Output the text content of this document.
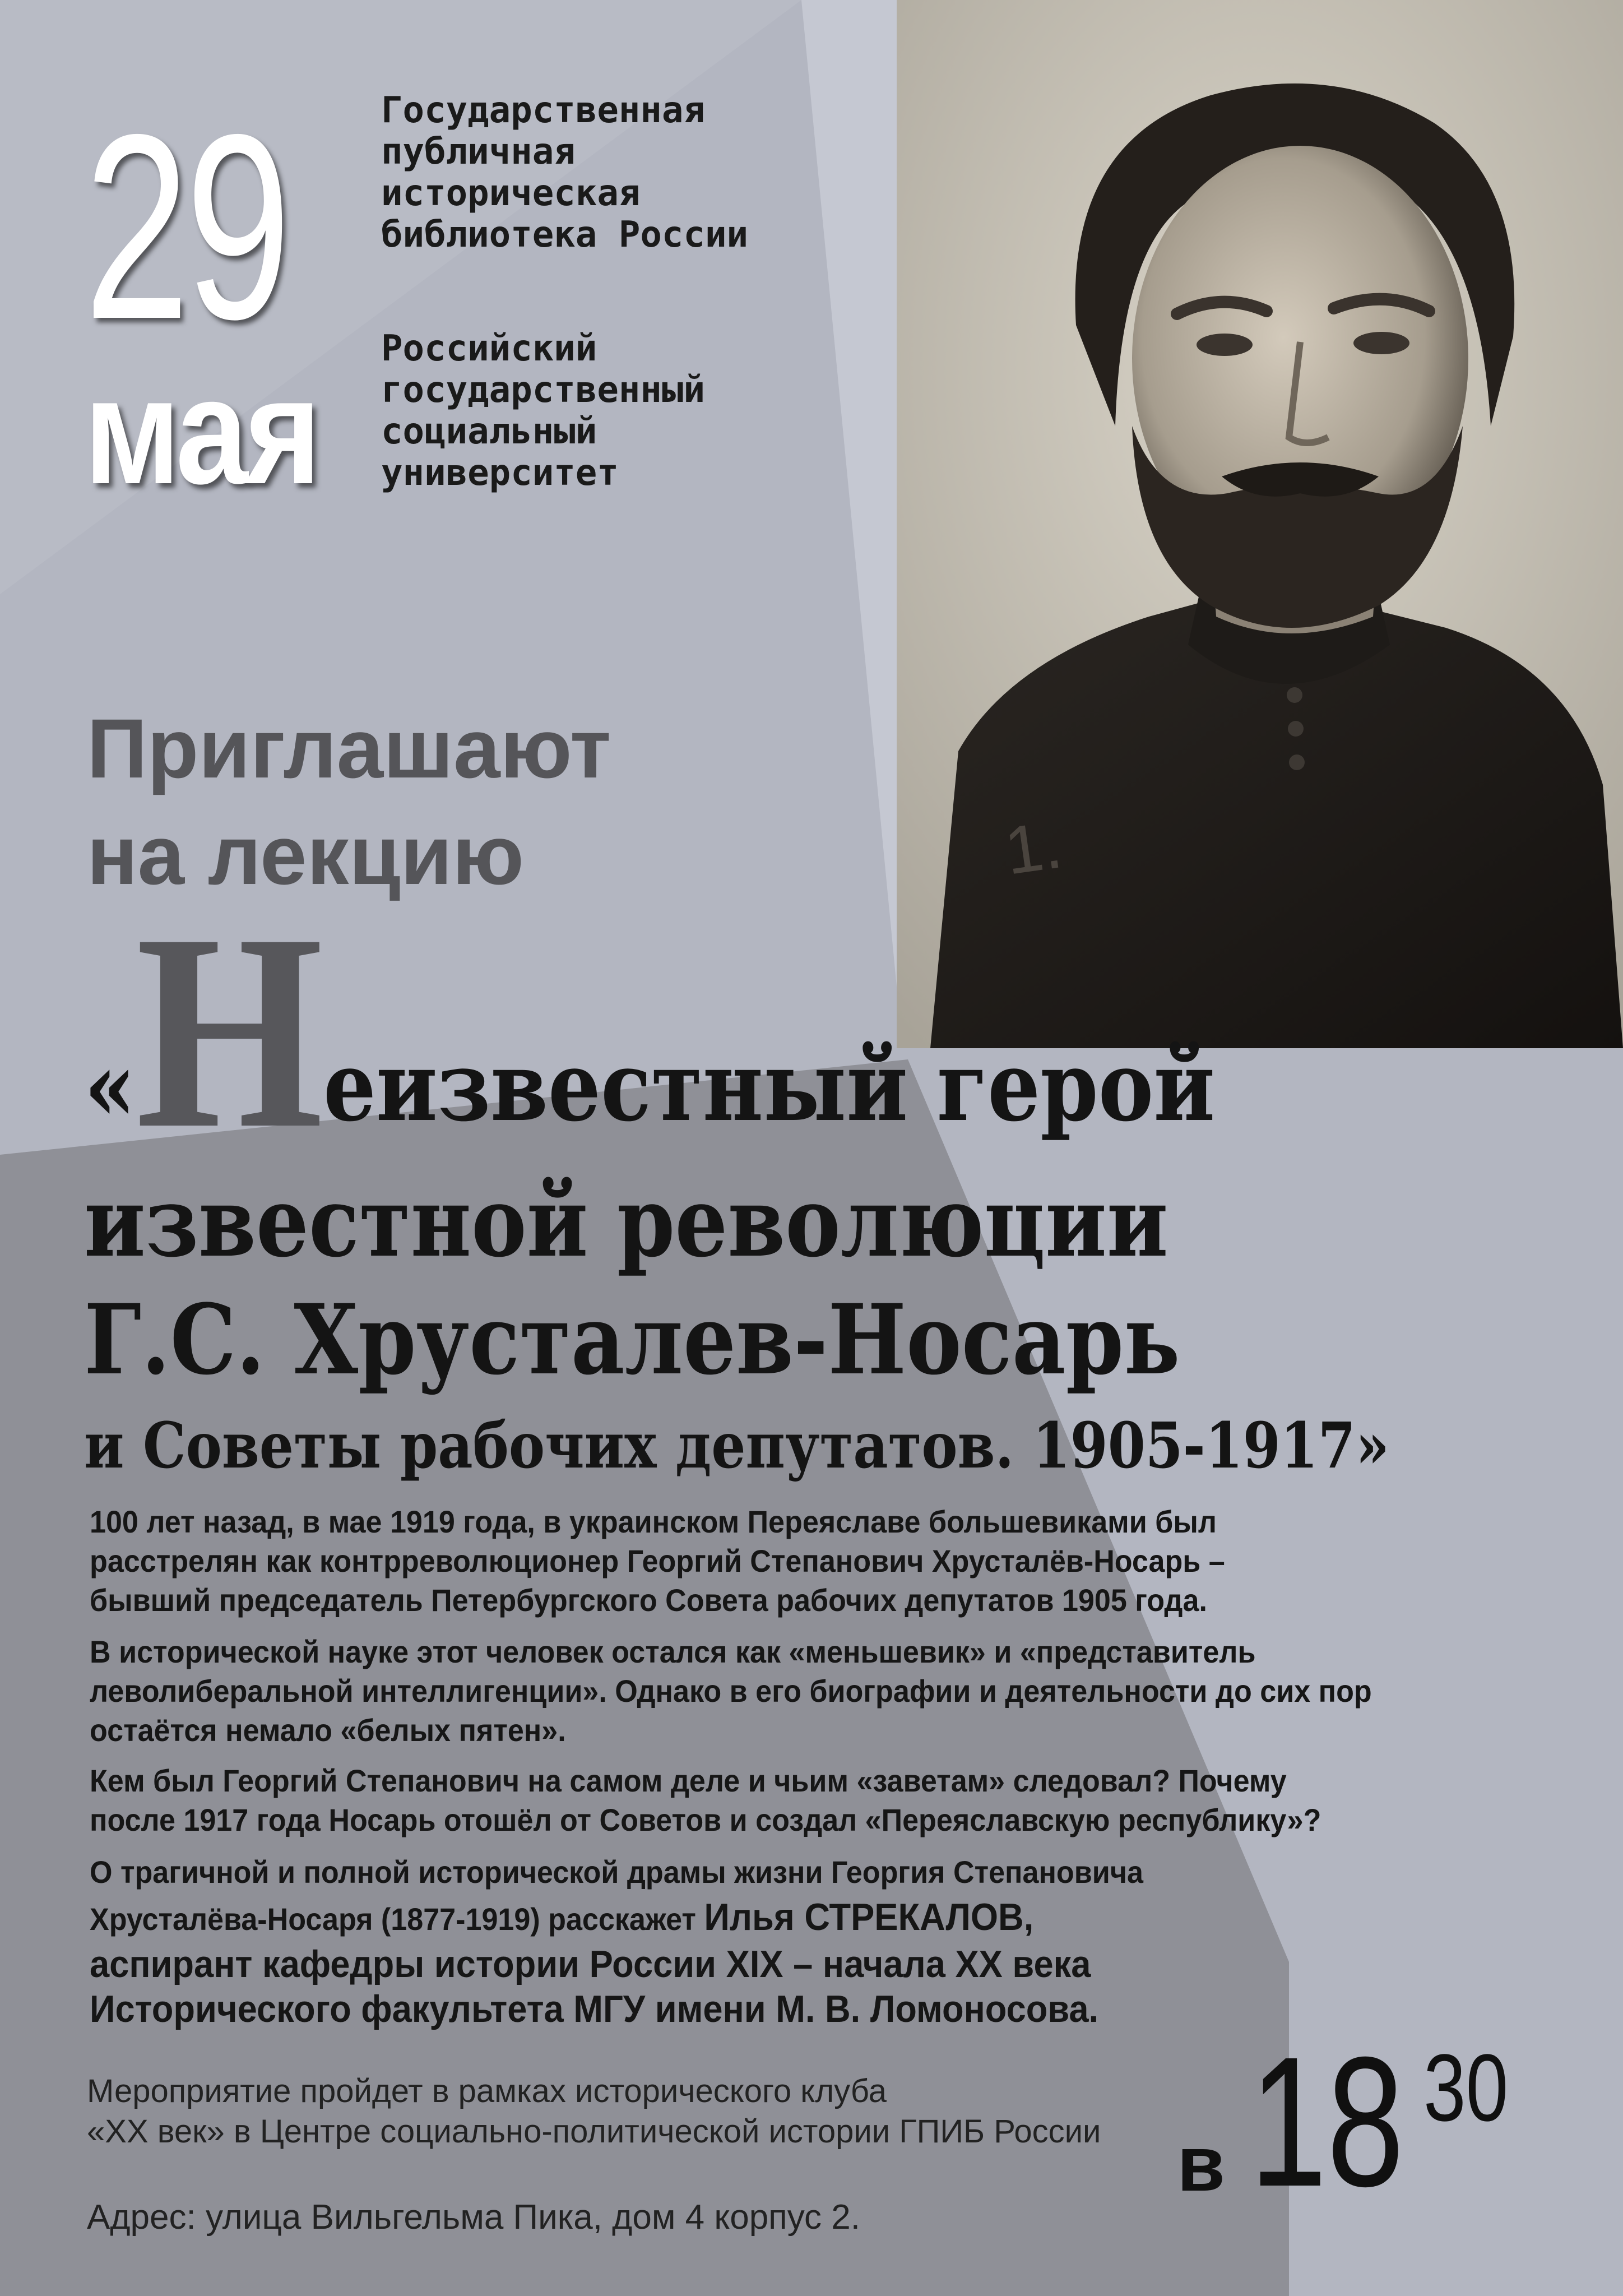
1.
29
мая
Государственная
публичная
историческая
библиотека России
Российский
государственный
социальный
университет
Приглашают
на лекцию
«Неизвестный герой
известной революции
Г.С. Хрусталев-Носарь
и Советы рабочих депутатов. 1905-1917»
100 лет назад, в мае 1919 года, в украинском Переяславе большевиками был
расстрелян как контрреволюционер Георгий Степанович Хрусталёв-Носарь –
бывший председатель Петербургского Совета рабочих депутатов 1905 года.
В исторической науке этот человек остался как «меньшевик» и «представитель
леволиберальной интеллигенции». Однако в его биографии и деятельности до сих пор
остаётся немало «белых пятен».
Кем был Георгий Степанович на самом деле и чьим «заветам» следовал? Почему
после 1917 года Носарь отошёл от Советов и создал «Переяславскую республику»?
О трагичной и полной исторической драмы жизни Георгия Степановича
Хрусталёва-Носаря (1877-1919) расскажет Илья СТРЕКАЛОВ,
аспирант кафедры истории России XIX – начала XX века
Исторического факультета МГУ имени М. В. Ломоносова.
Мероприятие пройдет в рамках исторического клуба
«XX век» в Центре социально-политической истории ГПИБ России
Адрес: улица Вильгельма Пика, дом 4 корпус 2.
в 18 30
